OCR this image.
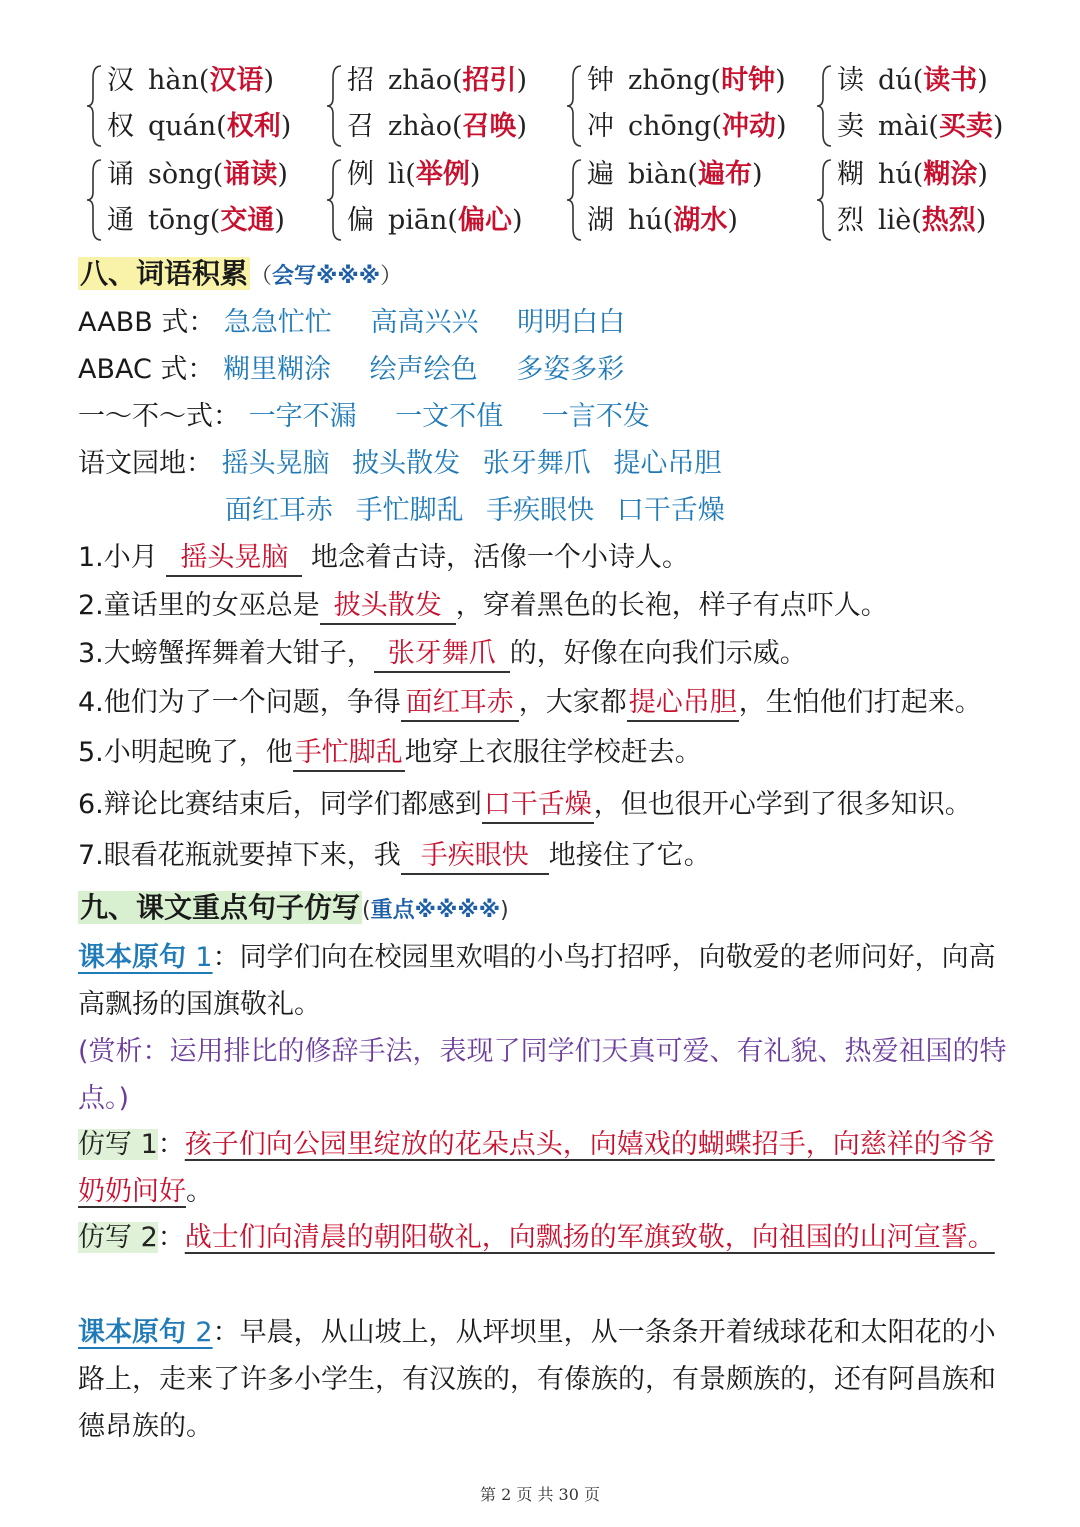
汉 hàn(汉语)
权 quán(权利)
招 zhāo(招引)
召 zhào(召唤)
钟 zhōng(时钟)
冲 chōng(冲动)
读 dú(读书)
卖 mài(买卖)
诵 sòng(诵读)
通 tōng(交通)
例 lì(举例)
偏 piān(偏心)
遍 biàn(遍布)
湖 hú(湖水)
糊 hú(糊涂)
烈 liè(热烈)
八、词语积累（会写※※※）
AABB 式： 急急忙忙 高高兴兴 明明白白
ABAC 式： 糊里糊涂 绘声绘色 多姿多彩
一～不～式： 一字不漏 一文不值 一言不发
语文园地： 摇头晃脑 披头散发 张牙舞爪 提心吊胆
面红耳赤 手忙脚乱 手疾眼快 口干舌燥
1.小月 摇头晃脑 地念着古诗，活像一个小诗人。
2.童话里的女巫总是 披头散发 ，穿着黑色的长袍，样子有点吓人。
3.大螃蟹挥舞着大钳子， 张牙舞爪 的，好像在向我们示威。
4.他们为了一个问题，争得 面红耳赤 ，大家都提心吊胆，生怕他们打起来。
5.小明起晚了，他手忙脚乱地穿上衣服往学校赶去。
6.辩论比赛结束后，同学们都感到口干舌燥，但也很开心学到了很多知识。
7.眼看花瓶就要掉下来，我 手疾眼快 地接住了它。
九、课文重点句子仿写(重点※※※※)
课本原句 1：同学们向在校园里欢唱的小鸟打招呼，向敬爱的老师问好，向高高飘扬的国旗敬礼。
(赏析：运用排比的修辞手法，表现了同学们天真可爱、有礼貌、热爱祖国的特点。)
仿写 1：孩子们向公园里绽放的花朵点头，向嬉戏的蝴蝶招手，向慈祥的爷爷奶奶问好。
仿写 2：战士们向清晨的朝阳敬礼，向飘扬的军旗致敬，向祖国的山河宣誓。
课本原句 2：早晨，从山坡上，从坪坝里，从一条条开着绒球花和太阳花的小路上，走来了许多小学生，有汉族的，有傣族的，有景颇族的，还有阿昌族和德昂族的。
第 2 页 共 30 页
